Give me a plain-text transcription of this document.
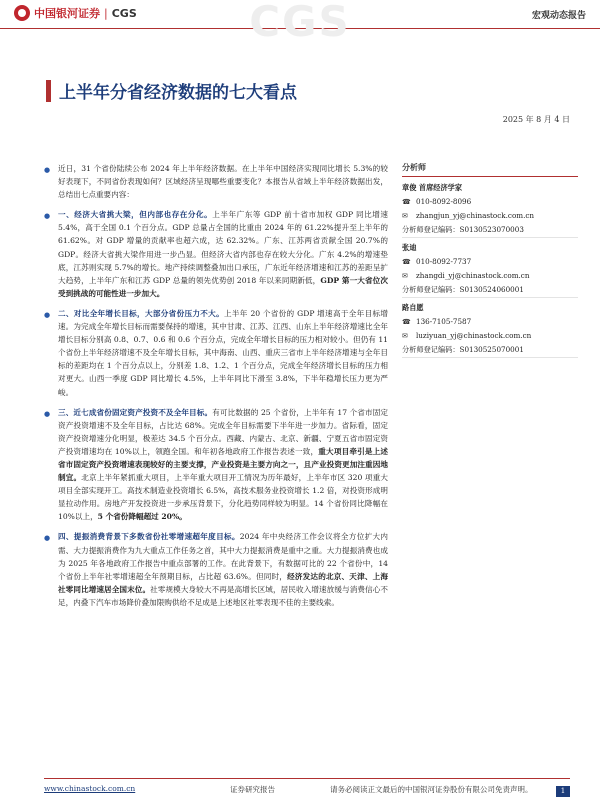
中国银河证券 | CGS	宏观动态报告
CGS
上半年分省经济数据的七大看点
2025 年 8 月 4 日

● 近日，31 个省份陆续公布 2024 年上半年经济数据。在上半年中国经济实现同比增长 5.3%的较好表现下，不同省份表现如何？区域经济呈现哪些重要变化？本报告从省域上半年经济数据出发，总结出七点重要内容：

● 一、经济大省挑大梁，但内部也存在分化。上半年广东等 GDP 前十省市加权 GDP 同比增速 5.4%，高于全国 0.1 个百分点。GDP 总量占全国的比重由 2024 年的 61.22%提升至上半年的 61.62%。对 GDP 增量的贡献率也超六成，达 62.32%。广东、江苏两省贡献全国 20.7%的 GDP。经济大省挑大梁作用进一步凸显。但经济大省内部也存在较大分化。广东 4.2%的增速垫底，江苏则实现 5.7%的增长。地产持续调整叠加出口承压，广东近年经济增速和江苏的差距呈扩大趋势，上半年广东和江苏 GDP 总量的领先优势创 2018 年以来同期新低，GDP 第一大省位次受到挑战的可能性进一步加大。

● 二、对比全年增长目标，大部分省份压力不大。上半年 20 个省份的 GDP 增速高于全年目标增速。为完成全年增长目标而需要保持的增速，其中甘肃、江苏、江西、山东上半年经济增速比全年增长目标分别高 0.8、0.7、0.6 和 0.6 个百分点，完成全年增长目标的压力相对较小。但仍有 11 个省份上半年经济增速不及全年增长目标，其中海南、山西、重庆三省市上半年经济增速与全年目标的差距均在 1 个百分点以上，分别差 1.8、1.2、1 个百分点，完成全年经济增长目标的压力相对更大。山西一季度 GDP 同比增长 4.5%，上半年同比下滑至 3.8%，下半年稳增长压力更为严峻。

● 三、近七成省份固定资产投资不及全年目标。有可比数据的 25 个省份，上半年有 17 个省市固定资产投资增速不及全年目标，占比达 68%。完成全年目标需要下半年进一步加力。省际看，固定资产投资增速分化明显，极差达 34.5 个百分点。西藏、内蒙古、北京、新疆、宁夏五省市固定资产投资增速均在 10%以上，领跑全国。和年初各地政府工作报告表述一致，重大项目牵引是上述省市固定资产投资增速表现较好的主要支撑，产业投资是主要方向之一，且产业投资更加注重因地制宜。北京上半年紧抓重大项目，上半年重大项目开工情况为历年最好，上半年市区 320 项重大项目全部实现开工。高技术制造业投资增长 6.5%，高技术服务业投资增长 1.2 倍，对投资形成明显拉动作用。房地产开发投资进一步承压背景下，分化趋势同样较为明显。14 个省份同比降幅在 10%以上，5 个省份降幅超过 20%。

● 四、提振消费背景下多数省份社零增速超年度目标。2024 年中央经济工作会议将全方位扩大内需、大力提振消费作为九大重点工作任务之首，其中大力提振消费是重中之重。大力提振消费也成为 2025 年各地政府工作报告中重点部署的工作。在此背景下，有数据可比的 22 个省份中，14 个省份上半年社零增速超全年预期目标，占比超 63.6%。但同时，经济发达的北京、天津、上海社零同比增速居全国末位。社零规模大身较大不再是高增长区域，居民收入增速放缓与消费信心不足，内叠下汽车市场降价叠加限购供给不足成是上述地区社零表现不佳的主要线索。

分析师
章俊 首席经济学家
☎ 010-8092-8096
✉	zhangjun_yj@chinastock.com.cn
分析师登记编码：S0130523070003
张迪
☎ 010-8092-7737
✉	zhangdi_yj@chinastock.com.cn
分析师登记编码：S0130524060001
路自愿
☎ 136-7105-7587
✉	luziyuan_yj@chinastock.com.cn
分析师登记编码：S0130525070001
www.chinastock.com.cn	证券研究报告	请务必阅读正文最后的中国银河证券股份有限公司免责声明。	1
